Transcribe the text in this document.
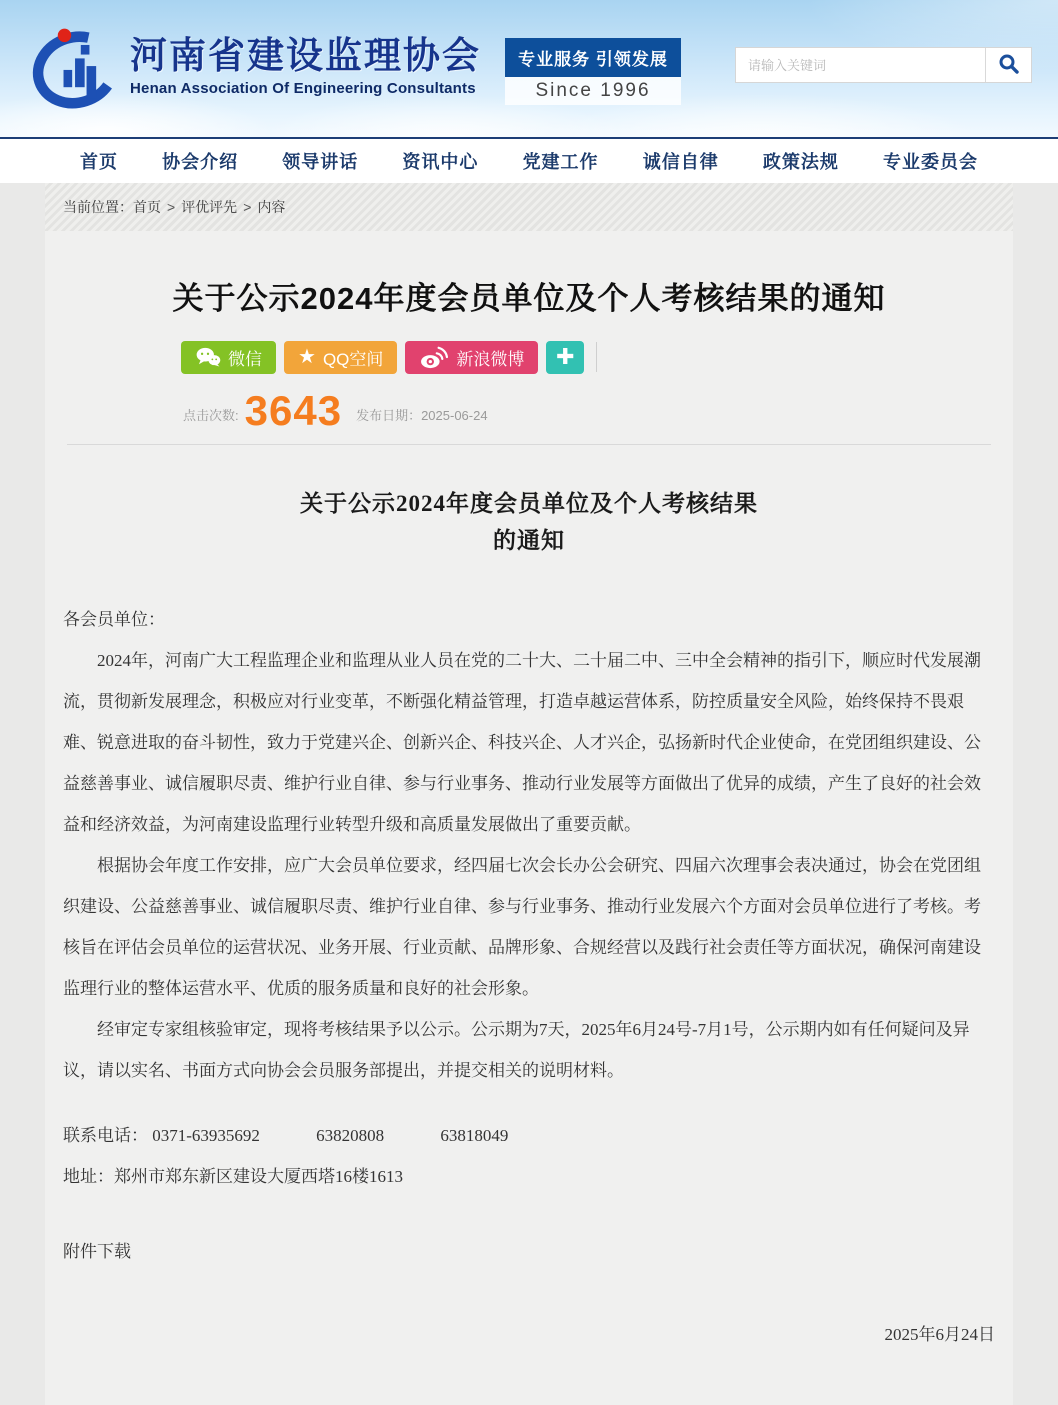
河南省建设监理协会
Henan Association Of Engineering Consultants
专业服务 引领发展
Since 1996
请输入关键词
首页 协会介绍 领导讲话 资讯中心 党建工作 诚信自律 政策法规 专业委员会
当前位置： 首页 > 评优评先 > 内容
关于公示2024年度会员单位及个人考核结果的通知
微信 ★ QQ空间	新浪微博 ✚
点击次数: 3643 发布日期：2025-06-24
关于公示2024年度会员单位及个人考核结果
的通知

各会员单位：

2024年，河南广大工程监理企业和监理从业人员在党的二十大、二十届二中、三中全会精神的指引下，顺应时代发展潮流，贯彻新发展理念，积极应对行业变革，不断强化精益管理，打造卓越运营体系，防控质量安全风险，始终保持不畏艰难、锐意进取的奋斗韧性，致力于党建兴企、创新兴企、科技兴企、人才兴企，弘扬新时代企业使命，在党团组织建设、公益慈善事业、诚信履职尽责、维护行业自律、参与行业事务、推动行业发展等方面做出了优异的成绩，产生了良好的社会效益和经济效益，为河南建设监理行业转型升级和高质量发展做出了重要贡献。

根据协会年度工作安排，应广大会员单位要求，经四届七次会长办公会研究、四届六次理事会表决通过，协会在党团组织建设、公益慈善事业、诚信履职尽责、维护行业自律、参与行业事务、推动行业发展六个方面对会员单位进行了考核。考核旨在评估会员单位的运营状况、业务开展、行业贡献、品牌形象、合规经营以及践行社会责任等方面状况，确保河南建设监理行业的整体运营水平、优质的服务质量和良好的社会形象。

经审定专家组核验审定，现将考核结果予以公示。公示期为7天，2025年6月24号-7月1号，公示期内如有任何疑问及异议，请以实名、书面方式向协会会员服务部提出，并提交相关的说明材料。

联系电话： 0371-63935692	63820808	63818049
地址：郑州市郑东新区建设大厦西塔16楼1613
附件下载
2025年6月24日
